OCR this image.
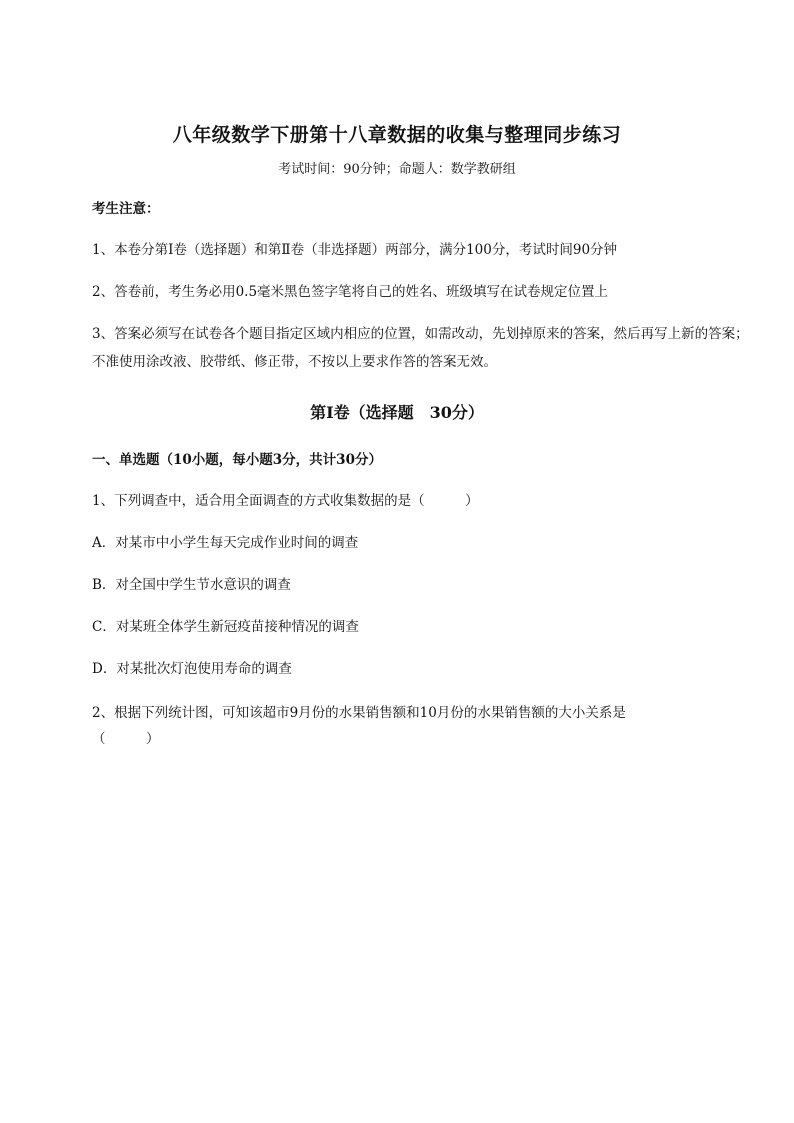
八年级数学下册第十八章数据的收集与整理同步练习
考试时间：90分钟；命题人：数学教研组
考生注意：
1、本卷分第I卷（选择题）和第Ⅱ卷（非选择题）两部分，满分100分，考试时间90分钟
2、答卷前，考生务必用0.5毫米黑色签字笔将自己的姓名、班级填写在试卷规定位置上
3、答案必须写在试卷各个题目指定区域内相应的位置，如需改动，先划掉原来的答案，然后再写上新的答案；不准使用涂改液、胶带纸、修正带，不按以上要求作答的答案无效。
第I卷（选择题　30分）
一、单选题（10小题，每小题3分，共计30分）
1、下列调查中，适合用全面调查的方式收集数据的是（　　　）
A．对某市中小学生每天完成作业时间的调查
B．对全国中学生节水意识的调查
C．对某班全体学生新冠疫苗接种情况的调查
D．对某批次灯泡使用寿命的调查
2、根据下列统计图，可知该超市9月份的水果销售额和10月份的水果销售额的大小关系是
（　　　）
